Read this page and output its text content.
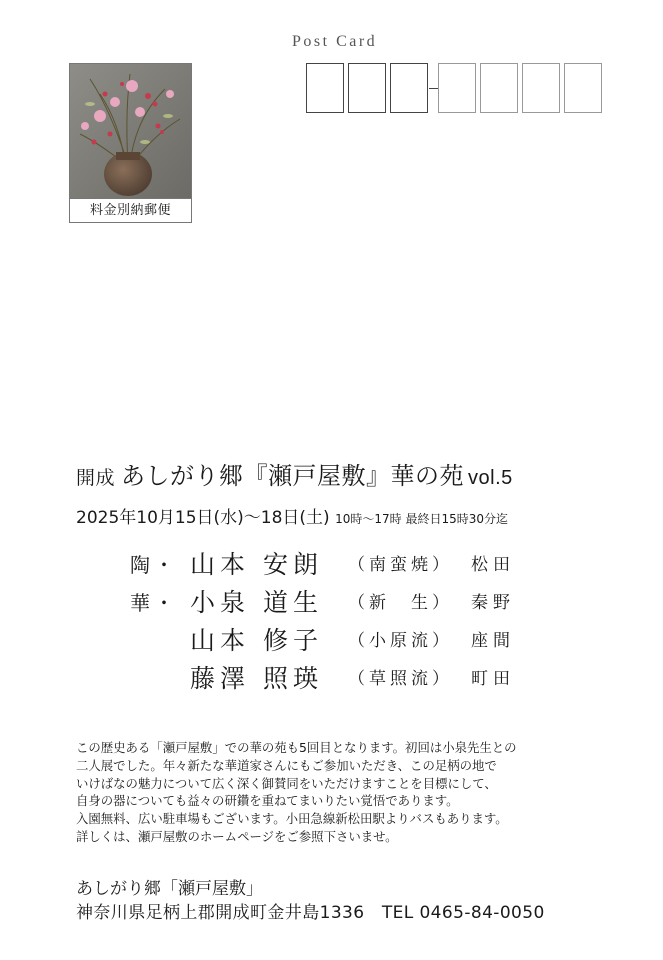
Post Card
料金別納郵便
開成 あしがり郷『瀬戸屋敷』華の苑 vol.5
2025年10月15日(水)〜18日(土) 10時〜17時 最終日15時30分迄
陶・ 山本 安朗 （南蛮焼） 松田
華・ 小泉 道生 （新　生） 秦野
山本 修子 （小原流） 座間
藤澤 照瑛 （草照流） 町田

この歴史ある「瀬戸屋敷」での華の苑も5回目となります。初回は小泉先生との

二人展でした。年々新たな華道家さんにもご参加いただき、この足柄の地で

いけばなの魅力について広く深く御賛同をいただけますことを目標にして、

自身の器についても益々の研鑽を重ねてまいりたい覚悟であります。

入園無料、広い駐車場もございます。小田急線新松田駅よりバスもあります。

詳しくは、瀬戸屋敷のホームページをご参照下さいませ。

あしがり郷「瀬戸屋敷」
神奈川県足柄上郡開成町金井島1336　TEL 0465-84-0050
